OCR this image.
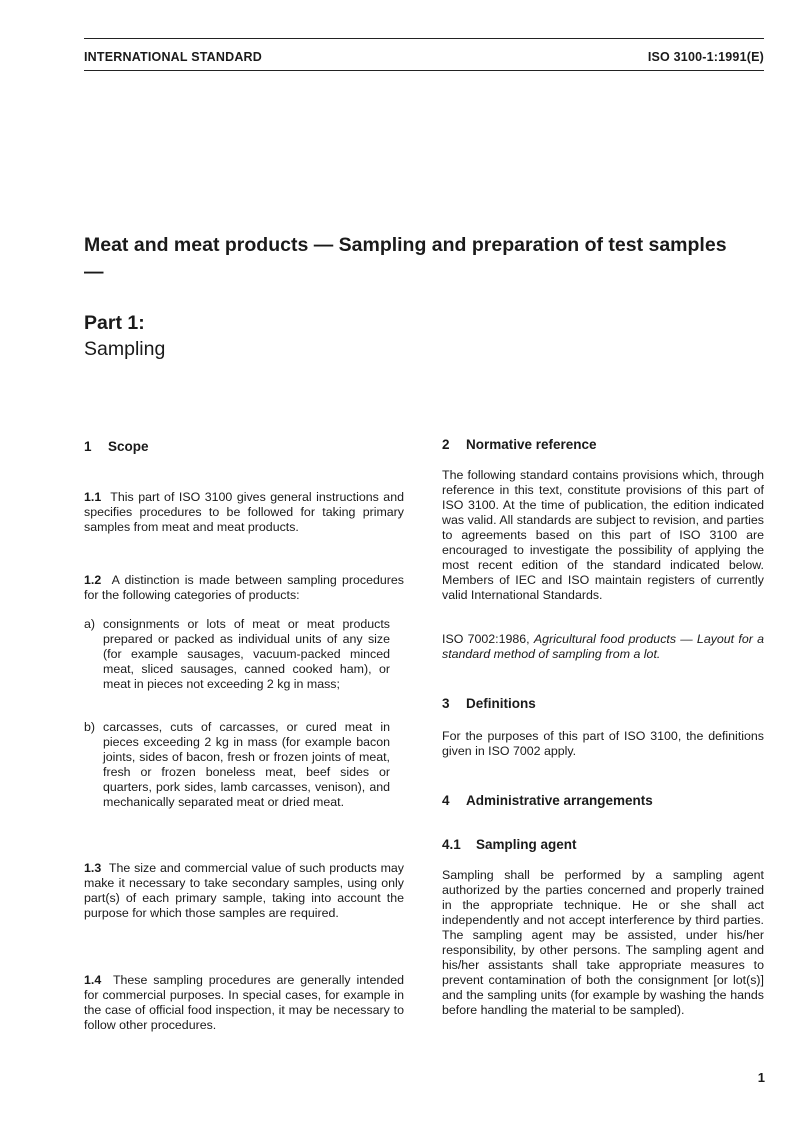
INTERNATIONAL STANDARD	ISO 3100-1:1991(E)
Meat and meat products — Sampling and preparation of test samples —
Part 1:
Sampling
1 Scope

1.1 This part of ISO 3100 gives general instructions and specifies procedures to be followed for taking primary samples from meat and meat products.

1.2 A distinction is made between sampling procedures for the following categories of products:

a) consignments or lots of meat or meat products prepared or packed as individual units of any size (for example sausages, vacuum-packed minced meat, sliced sausages, canned cooked ham), or meat in pieces not exceeding 2 kg in mass;
b) carcasses, cuts of carcasses, or cured meat in pieces exceeding 2 kg in mass (for example bacon joints, sides of bacon, fresh or frozen joints of meat, fresh or frozen boneless meat, beef sides or quarters, pork sides, lamb carcasses, venison), and mechanically separated meat or dried meat.

1.3 The size and commercial value of such products may make it necessary to take secondary samples, using only part(s) of each primary sample, taking into account the purpose for which those samples are required.

1.4 These sampling procedures are generally intended for commercial purposes. In special cases, for example in the case of official food inspection, it may be necessary to follow other procedures.

2 Normative reference

The following standard contains provisions which, through reference in this text, constitute provisions of this part of ISO 3100. At the time of publication, the edition indicated was valid. All standards are subject to revision, and parties to agreements based on this part of ISO 3100 are encouraged to investigate the possibility of applying the most recent edition of the standard indicated below. Members of IEC and ISO maintain registers of currently valid International Standards.

ISO 7002:1986, Agricultural food products — Layout for a standard method of sampling from a lot.

3 Definitions

For the purposes of this part of ISO 3100, the definitions given in ISO 7002 apply.

4 Administrative arrangements
4.1 Sampling agent

Sampling shall be performed by a sampling agent authorized by the parties concerned and properly trained in the appropriate technique. He or she shall act independently and not accept interference by third parties. The sampling agent may be assisted, under his/her responsibility, by other persons. The sampling agent and his/her assistants shall take appropriate measures to prevent contamination of both the consignment [or lot(s)] and the sampling units (for example by washing the hands before handling the material to be sampled).

1
